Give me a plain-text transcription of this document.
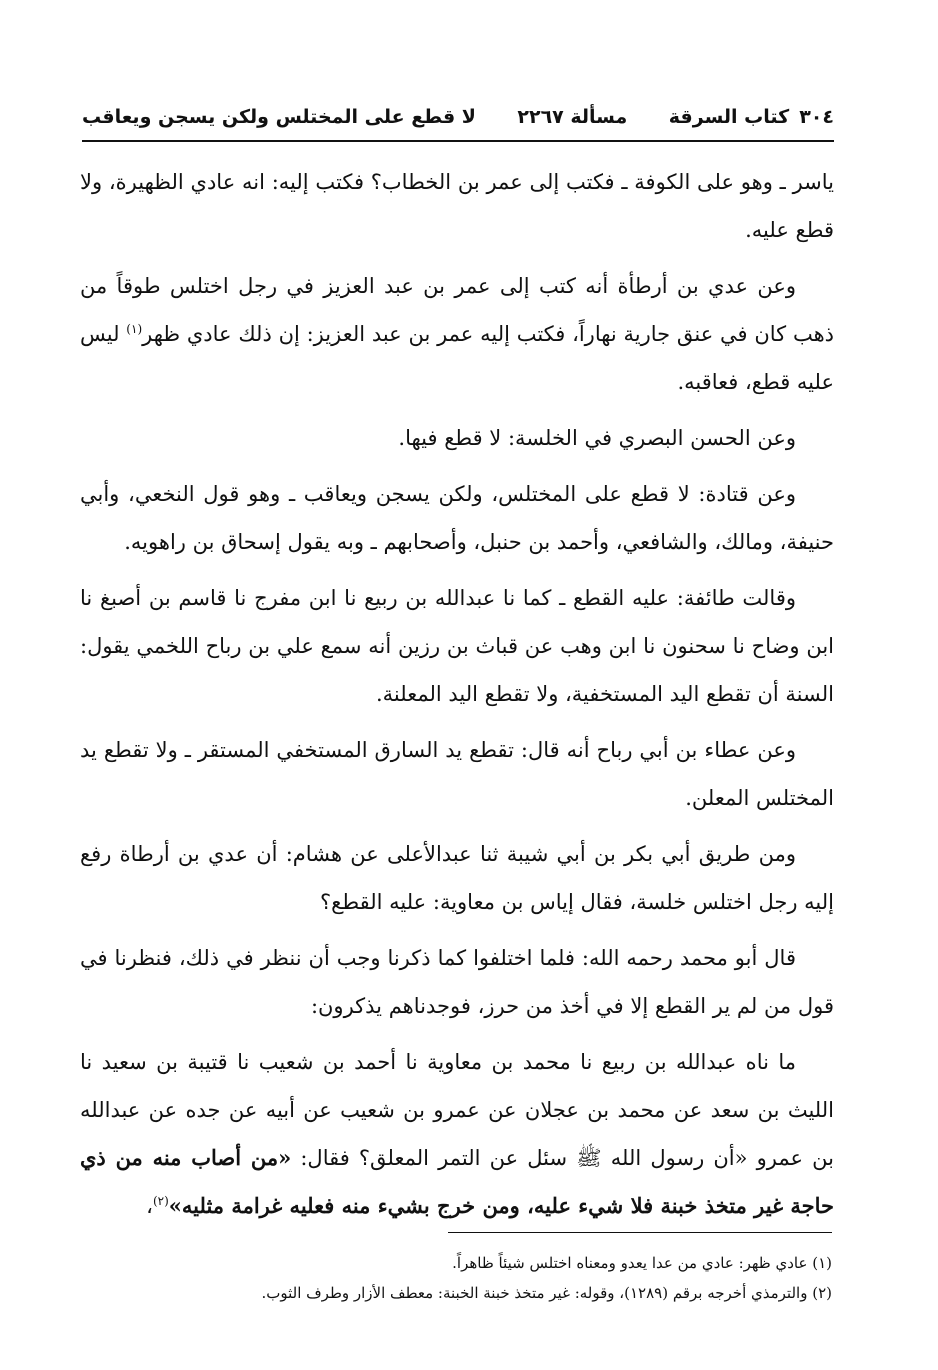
٣٠٤
كتاب السرقة
مسألة ٢٢٦٧
لا قطع على المختلس ولكن يسجن ويعاقب

ياسر ـ وهو على الكوفة ـ فكتب إلى عمر بن الخطاب؟ فكتب إليه: انه عادي الظهيرة، ولا قطع عليه.

وعن عدي بن أرطأة أنه كتب إلى عمر بن عبد العزيز في رجل اختلس طوقاً من ذهب كان في عنق جارية نهاراً، فكتب إليه عمر بن عبد العزيز: إن ذلك عادي ظهر$^{(١)}$ ليس عليه قطع، فعاقبه.

وعن الحسن البصري في الخلسة: لا قطع فيها.

وعن قتادة: لا قطع على المختلس، ولكن يسجن ويعاقب ـ وهو قول النخعي، وأبي حنيفة، ومالك، والشافعي، وأحمد بن حنبل، وأصحابهم ـ وبه يقول إسحاق بن راهويه.

وقالت طائفة: عليه القطع ـ كما نا عبدالله بن ربيع نا ابن مفرج نا قاسم بن أصبغ نا ابن وضاح نا سحنون نا ابن وهب عن قباث بن رزين أنه سمع علي بن رباح اللخمي يقول: السنة أن تقطع اليد المستخفية، ولا تقطع اليد المعلنة.

وعن عطاء بن أبي رباح أنه قال: تقطع يد السارق المستخفي المستقر ـ ولا تقطع يد المختلس المعلن.

ومن طريق أبي بكر بن أبي شيبة ثنا عبدالأعلى عن هشام: أن عدي بن أرطاة رفع إليه رجل اختلس خلسة، فقال إياس بن معاوية: عليه القطع؟

قال أبو محمد رحمه الله: فلما اختلفوا كما ذكرنا وجب أن ننظر في ذلك، فنظرنا في قول من لم ير القطع إلا في أخذ من حرز، فوجدناهم يذكرون:

ما ناه عبدالله بن ربيع نا محمد بن معاوية نا أحمد بن شعيب نا قتيبة بن سعيد نا الليث بن سعد عن محمد بن عجلان عن عمرو بن شعيب عن أبيه عن جده عن عبدالله بن عمرو «أن رسول الله ﷺ سئل عن التمر المعلق؟ فقال: «من أصاب منه من ذي حاجة غير متخذ خبنة فلا شيء عليه، ومن خرج بشيء منه فعليه غرامة مثليه»$^{(٢)}$،

(١) عادي ظهر: عادي من عدا يعدو ومعناه اختلس شيئاً ظاهراً.
(٢) والترمذي أخرجه برقم (١٢٨٩)، وقوله: غير متخذ خبنة الخبنة: معطف الأزار وطرف الثوب.
